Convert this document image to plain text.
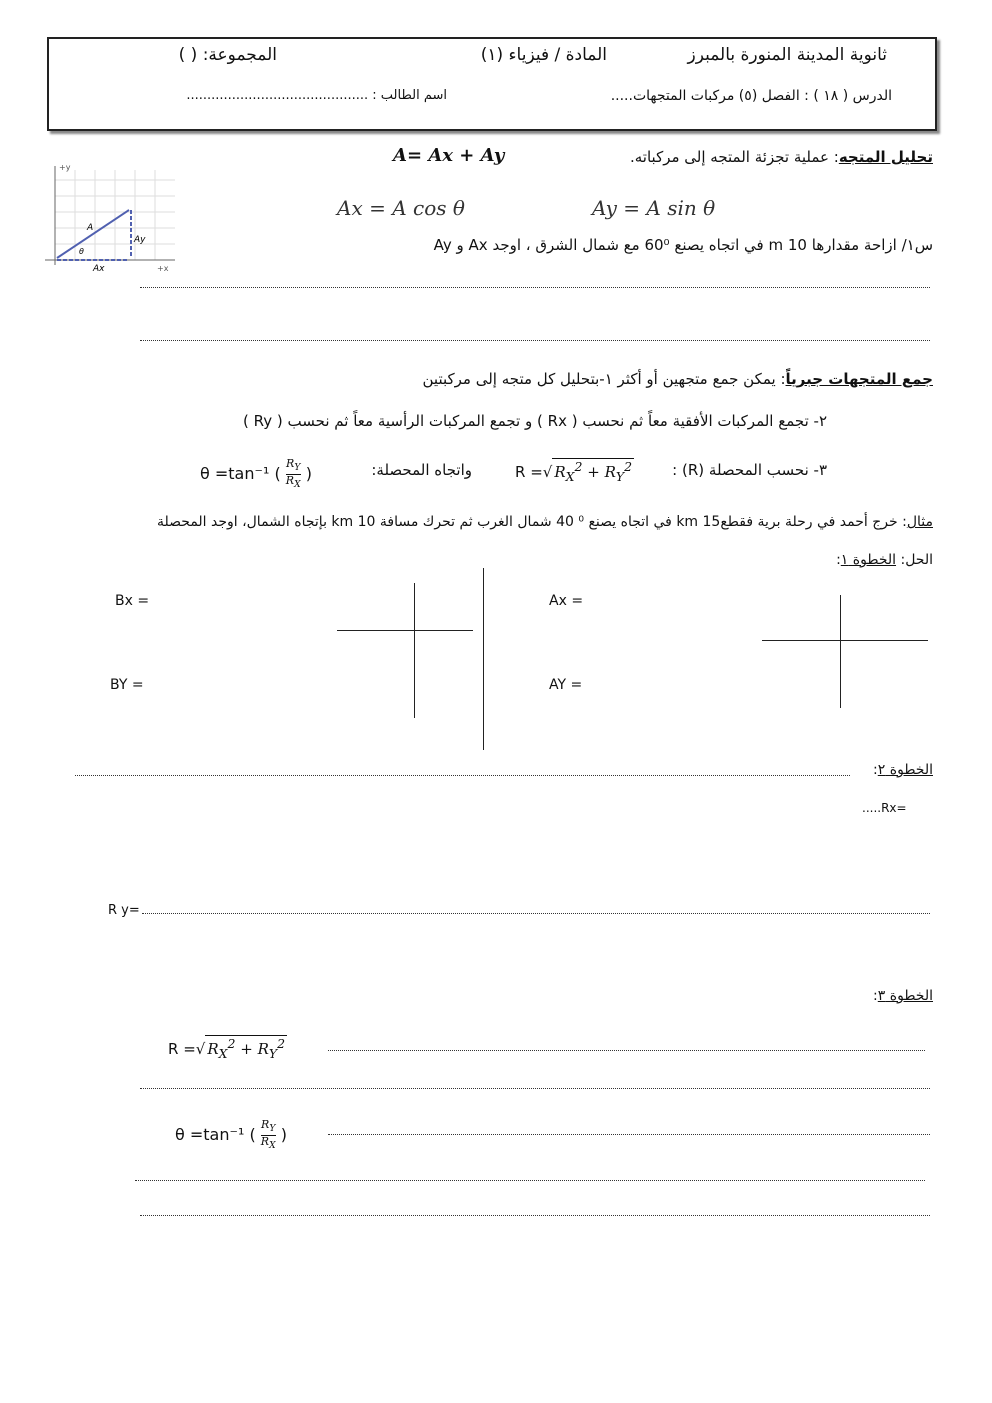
ثانوية المدينة المنورة بالمبرز
المادة / فيزياء (١)
المجموعة: ( )
الدرس ( ١٨ ) : الفصل (٥) مركبات المتجهات.....
اسم الطالب : ............................................
تحليل المتجه: عملية تجزئة المتجه إلى مركباته.
A= Ax + Ay
Ax = A cos θ	Ay = A sin θ
س١/ ازاحة مقدارها 10 m في اتجاه يصنع 60⁰ مع شمال الشرق ، اوجد Ax و Ay
+y
+x
A
Ax
Ay
θ
جمع المتجهات جبرياً: يمكن جمع متجهين أو أكثر ١-بتحليل كل متجه إلى مركبتين
٢- تجمع المركبات الأفقية معاً ثم نحسب ( Rx ) و تجمع المركبات الرأسية معاً ثم نحسب ( Ry )
٣- نحسب المحصلة (R) :
R =√ $R_X^2 + R_Y^2$
واتجاه المحصلة:
θ =tan⁻¹ ( $\frac{R_Y}{R_X}$ )
مثال: خرج أحمد في رحلة برية فقطع15 km في اتجاه يصنع ⁰ 40 شمال الغرب ثم تحرك مسافة 10 km بإتجاه الشمال، اوجد المحصلة
الحل: الخطوة ١:
Bx =
BY =
Ax =
AY =
الخطوة ٢:
.....Rx=
R y=
الخطوة ٣:
R =√ $R_X^2 + R_Y^2$
θ =tan⁻¹ ( $\frac{R_Y}{R_X}$ )
